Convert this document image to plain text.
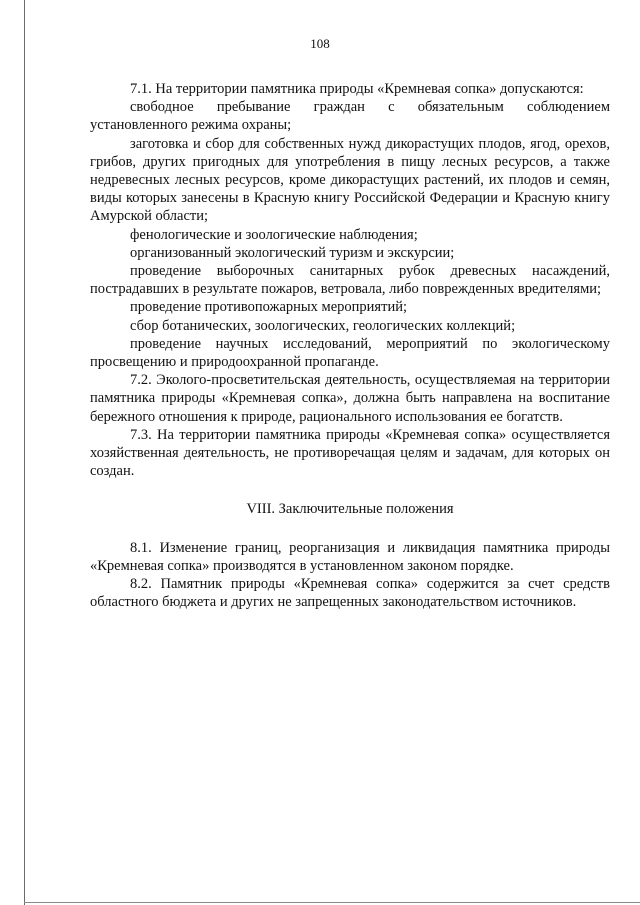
108

7.1. На территории памятника природы «Кремневая сопка» допускаются:

свободное пребывание граждан с обязательным соблюдением установленного режима охраны;

заготовка и сбор для собственных нужд дикорастущих плодов, ягод, орехов, грибов, других пригодных для употребления в пищу лесных ресурсов, а также недревесных лесных ресурсов, кроме дикорастущих растений, их плодов и семян, виды которых занесены в Красную книгу Российской Федерации и Красную книгу Амурской области;

фенологические и зоологические наблюдения;

организованный экологический туризм и экскурсии;

проведение выборочных санитарных рубок древесных насаждений, пострадавших в результате пожаров, ветровала, либо поврежденных вредителями;

проведение противопожарных мероприятий;

сбор ботанических, зоологических, геологических коллекций;

проведение научных исследований, мероприятий по экологическому просвещению и природоохранной пропаганде.

7.2. Эколого-просветительская деятельность, осуществляемая на территории памятника природы «Кремневая сопка», должна быть направлена на воспитание бережного отношения к природе, рационального использования ее богатств.

7.3. На территории памятника природы «Кремневая сопка» осуществляется хозяйственная деятельность, не противоречащая целям и задачам, для которых он создан.

VIII. Заключительные положения

8.1. Изменение границ, реорганизация и ликвидация памятника природы «Кремневая сопка» производятся в установленном законом порядке.

8.2. Памятник природы «Кремневая сопка» содержится за счет средств областного бюджета и других не запрещенных законодательством источников.
